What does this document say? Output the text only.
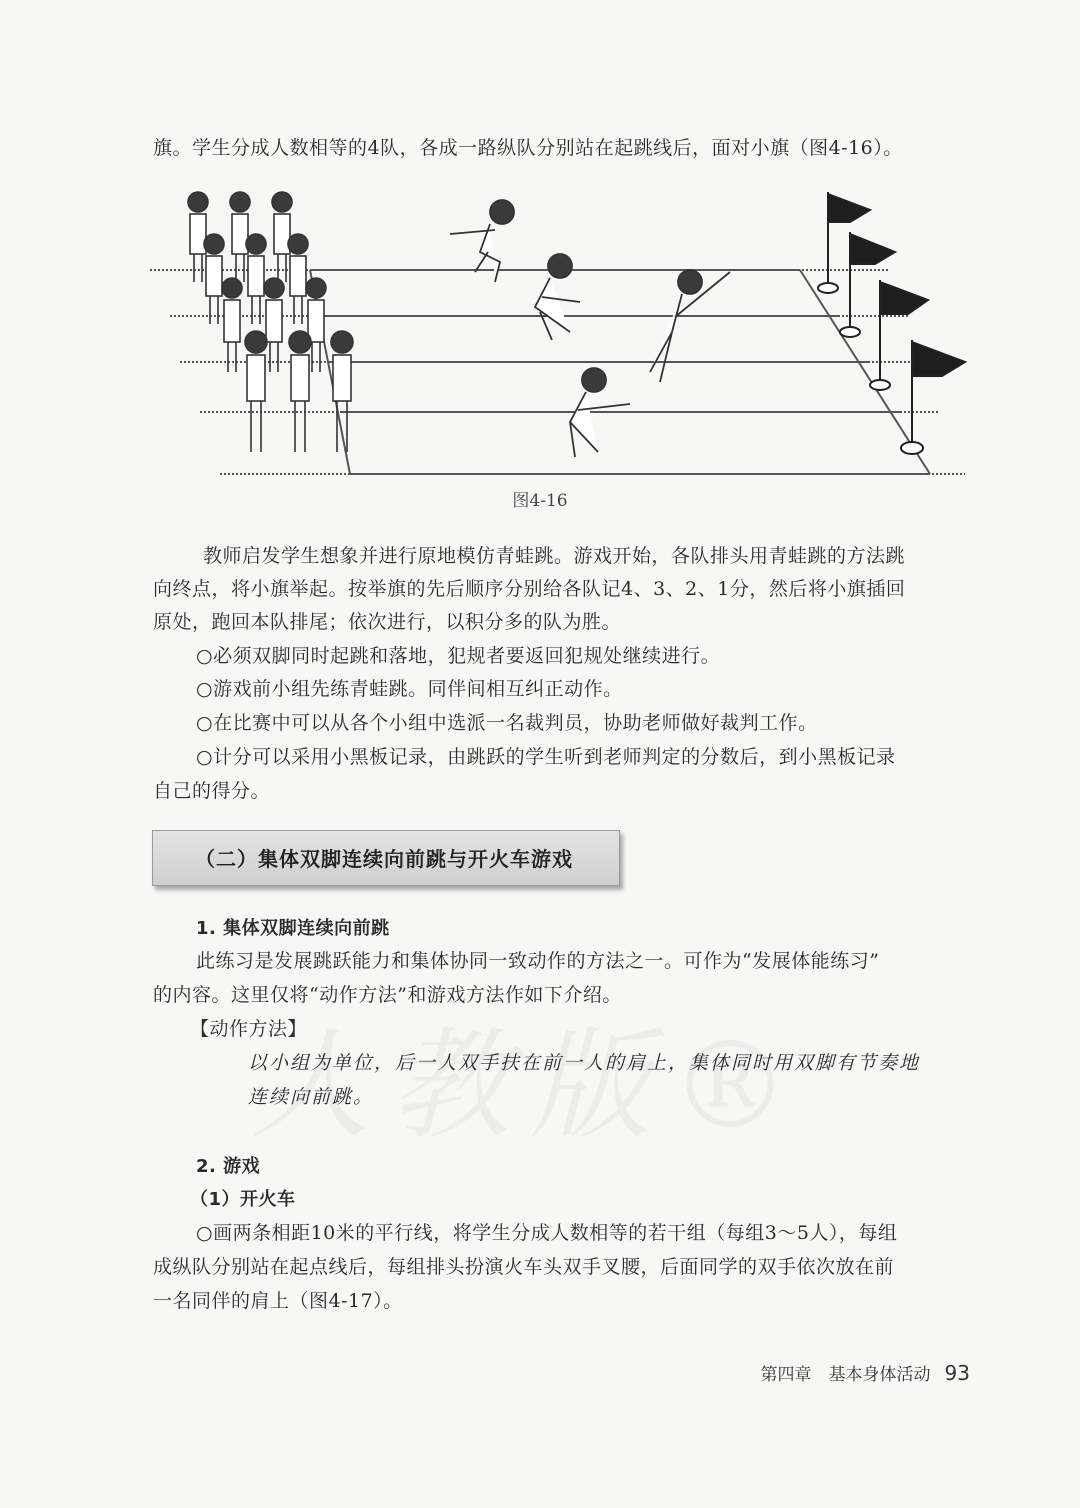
旗。学生分成人数相等的4队，各成一路纵队分别站在起跳线后，面对小旗（图4-16）。
图4-16
教师启发学生想象并进行原地模仿青蛙跳。游戏开始，各队排头用青蛙跳的方法跳
向终点，将小旗举起。按举旗的先后顺序分别给各队记4、3、2、1分，然后将小旗插回
原处，跑回本队排尾；依次进行，以积分多的队为胜。
○必须双脚同时起跳和落地，犯规者要返回犯规处继续进行。
○游戏前小组先练青蛙跳。同伴间相互纠正动作。
○在比赛中可以从各个小组中选派一名裁判员，协助老师做好裁判工作。
○计分可以采用小黑板记录，由跳跃的学生听到老师判定的分数后，到小黑板记录
自己的得分。
（二）集体双脚连续向前跳与开火车游戏
1. 集体双脚连续向前跳
此练习是发展跳跃能力和集体协同一致动作的方法之一。可作为“发展体能练习”
的内容。这里仅将“动作方法”和游戏方法作如下介绍。
【动作方法】
以小组为单位，后一人双手扶在前一人的肩上，集体同时用双脚有节奏地
连续向前跳。
2. 游戏
（1）开火车
○画两条相距10米的平行线，将学生分成人数相等的若干组（每组3～5人），每组
成纵队分别站在起点线后，每组排头扮演火车头双手叉腰，后面同学的双手依次放在前
一名同伴的肩上（图4-17）。
第四章　基本身体活动 93
